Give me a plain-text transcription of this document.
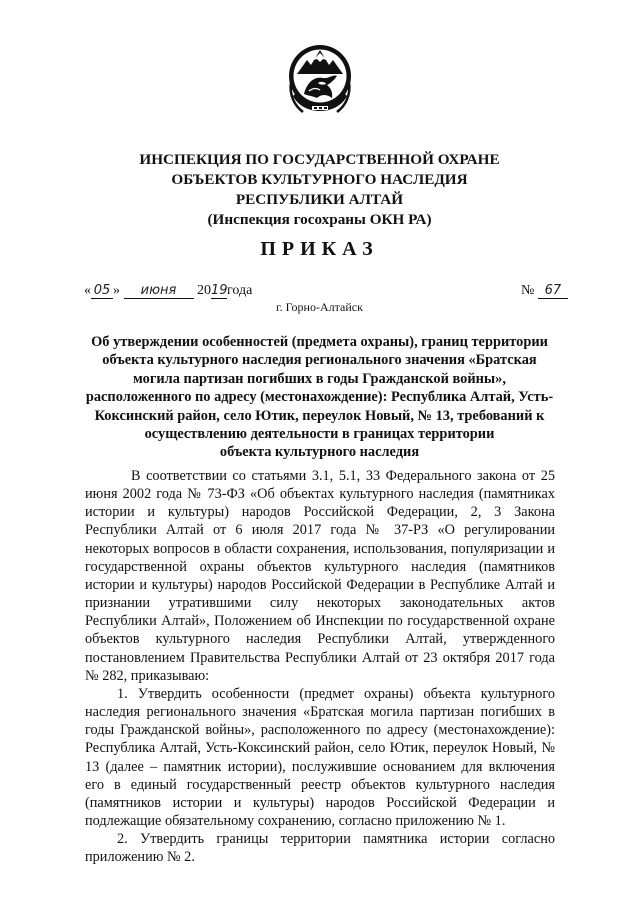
ИНСПЕКЦИЯ ПО ГОСУДАРСТВЕННОЙ ОХРАНЕ
ОБЪЕКТОВ КУЛЬТУРНОГО НАСЛЕДИЯ
РЕСПУБЛИКИ АЛТАЙ
(Инспекция госохраны ОКН РА)
ПРИКАЗ
« 05 » июня 2019года	№ 67
г. Горно-Алтайск
Об утверждении особенностей (предмета охраны), границ территории
объекта культурного наследия регионального значения «Братская
могила партизан погибших в годы Гражданской войны»,
расположенного по адресу (местонахождение): Республика Алтай, Усть-
Коксинский район, село Ютик, переулок Новый, № 13, требований к
осуществлению деятельности в границах территории
объекта культурного наследия

В соответствии со статьями 3.1, 5.1, 33 Федерального закона от 25 июня 2002 года № 73-ФЗ «Об объектах культурного наследия (памятниках истории и культуры) народов Российской Федерации, 2, 3 Закона Республики Алтай от 6 июля 2017 года № 37-РЗ «О регулировании некоторых вопросов в области сохранения, использования, популяризации и государственной охраны объектов культурного наследия (памятников истории и культуры) народов Российской Федерации в Республике Алтай и признании утратившими силу некоторых законодательных актов Республики Алтай», Положением об Инспекции по государственной охране объектов культурного наследия Республики Алтай, утвержденного постановлением Правительства Республики Алтай от 23 октября 2017 года № 282, приказываю:

1. Утвердить особенности (предмет охраны) объекта культурного наследия регионального значения «Братская могила партизан погибших в годы Гражданской войны», расположенного по адресу (местонахождение): Республика Алтай, Усть-Коксинский район, село Ютик, переулок Новый, № 13 (далее – памятник истории), послужившие основанием для включения его в единый государственный реестр объектов культурного наследия (памятников истории и культуры) народов Российской Федерации и подлежащие обязательному сохранению, согласно приложению № 1.

2. Утвердить границы территории памятника истории согласно приложению № 2.
